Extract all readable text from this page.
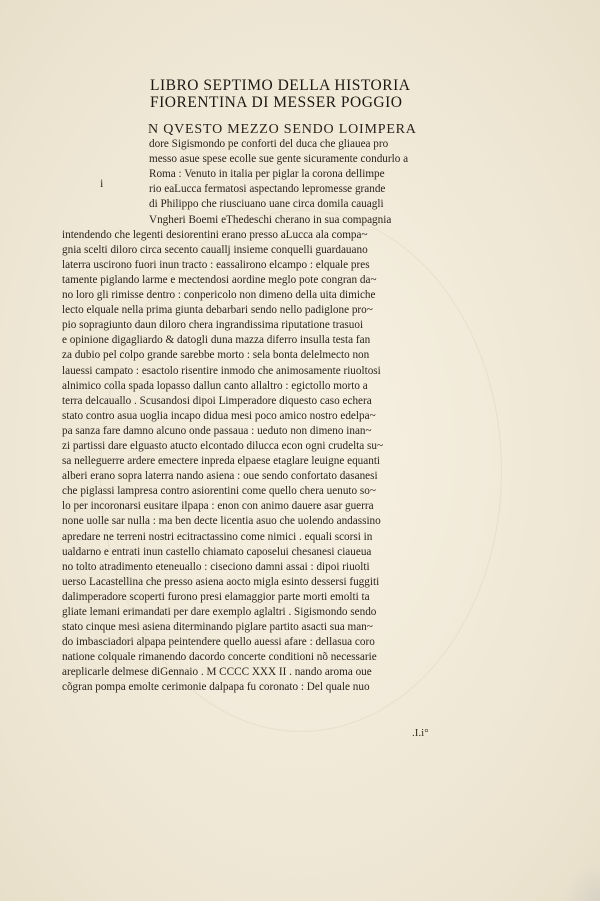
LIBRO SEPTIMO DELLA HISTORIA
FIORENTINA DI MESSER POGGIO
i
N QVESTO MEZZO SENDO LOIMPERA
dore Sigismondo pe conforti del duca che gliauea pro
messo asue spese ecolle sue gente sicuramente condurlo a
Roma : Venuto in italia per piglar la corona dellimpe
rio eaLucca fermatosi aspectando lepromesse grande
di Philippo che riusciuano uane circa domila cauagli
Vngheri Boemi eThedeschi cherano in sua compagnia
intendendo che legenti desiorentini erano presso aLucca ala compa~
gnia scelti diloro circa secento cauallj insieme conquelli guardauano
laterra uscirono fuori inun tracto : eassalirono elcampo : elquale pres
tamente piglando larme e mectendosi aordine meglo pote congran da~
no loro gli rimisse dentro : conpericolo non dimeno della uita dimiche
lecto elquale nella prima giunta debarbari sendo nello padiglone pro~
pio sopragiunto daun diloro chera ingrandissima riputatione trasuoi
e opinione digagliardo & datogli duna mazza diferro insulla testa fan
za dubio pel colpo grande sarebbe morto : sela bonta delelmecto non
lauessi campato : esactolo risentire inmodo che animosamente riuoltosi
alnimico colla spada lopasso dallun canto allaltro : egictollo morto a
terra delcauallo . Scusandosi dipoi Limperadore diquesto caso echera
stato contro asua uoglia incapo didua mesi poco amico nostro edelpa~
pa sanza fare damno alcuno onde passaua : ueduto non dimeno inan~
zi partissi dare elguasto atucto elcontado dilucca econ ogni crudelta su~
sa nelleguerre ardere emectere inpreda elpaese etaglare leuigne equanti
alberi erano sopra laterra nando asiena : oue sendo confortato dasanesi
che piglassi lampresa contro asiorentini come quello chera uenuto so~
lo per incoronarsi eusitare ilpapa : enon con animo dauere asar guerra
none uolle sar nulla : ma ben decte licentia asuo che uolendo andassino
apredare ne terreni nostri ecitractassino come nimici . equali scorsi in
ualdarno e entrati inun castello chiamato caposelui chesanesi ciaueua
no tolto atradimento eteneuallo : ciseciono damni assai : dipoi riuolti
uerso Lacastellina che presso asiena aocto migla esinto dessersi fuggiti
dalimperadore scoperti furono presi elamaggior parte morti emolti ta
gliate lemani erimandati per dare exemplo aglaltri . Sigismondo sendo
stato cinque mesi asiena diterminando piglare partito asacti sua man~
do imbasciadori alpapa peintendere quello auessi afare : dellasua coro
natione colquale rimanendo dacordo concerte conditioni nõ necessarie
areplicarle delmese diGennaio . M CCCC XXX II . nando aroma oue
cõgran pompa emolte cerimonie dalpapa fu coronato : Del quale nuo
.I.i°
